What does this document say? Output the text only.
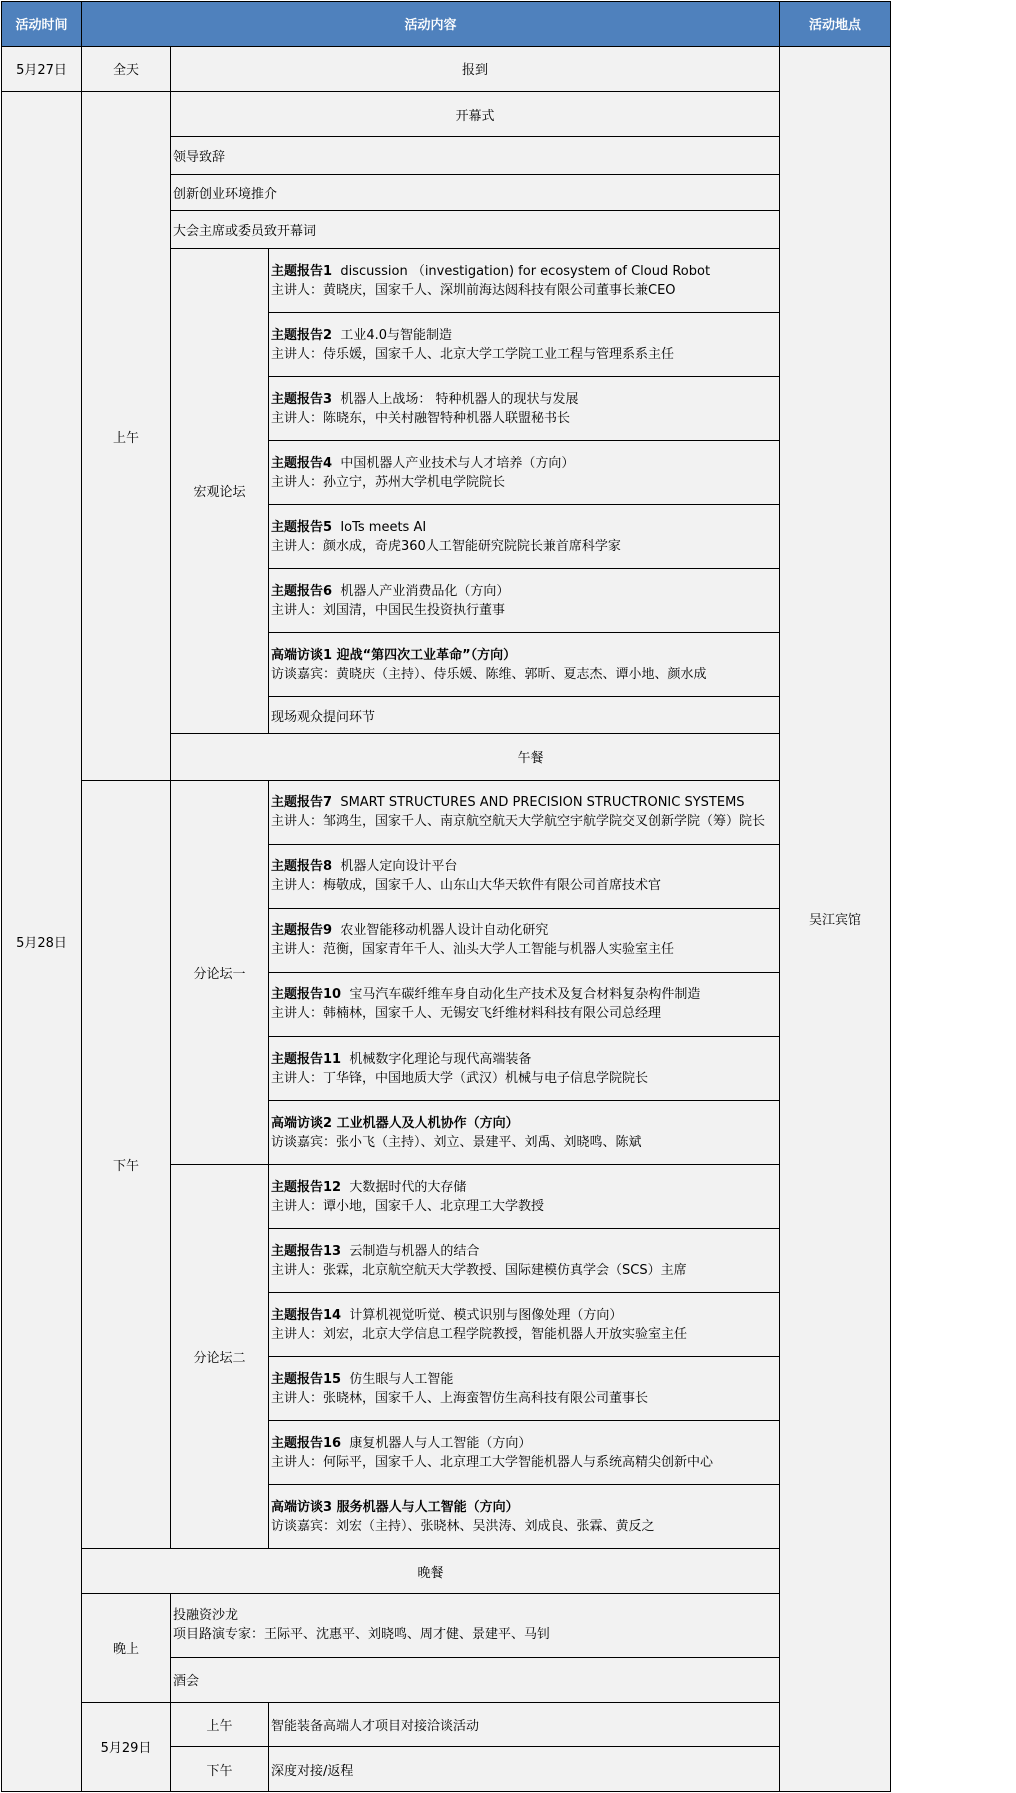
活动时间	活动内容			活动地点
5月27日	全天	报到		吴江宾馆
5月28日	上午	开幕式		
		领导致辞		
		创新创业环境推介		
		大会主席或委员致开幕词		
		宏观论坛	主题报告1 discussion （investigation) for ecosystem of Cloud Robot
主讲人：黄晓庆，国家千人、深圳前海达闼科技有限公司董事长兼CEO	

			主题报告2 工业4.0与智能制造
主讲人：侍乐媛，国家千人、北京大学工学院工业工程与管理系系主任	

			主题报告3 机器人上战场： 特种机器人的现状与发展
主讲人：陈晓东，中关村融智特种机器人联盟秘书长	

			主题报告4 中国机器人产业技术与人才培养（方向）
主讲人：孙立宁，苏州大学机电学院院长	

			主题报告5 IoTs meets AI
主讲人：颜水成，奇虎360人工智能研究院院长兼首席科学家	

			主题报告6 机器人产业消费品化（方向）
主讲人：刘国清，中国民生投资执行董事	

			高端访谈1 迎战“第四次工业革命”（方向）
访谈嘉宾：黄晓庆（主持）、侍乐媛、陈维、郭昕、夏志杰、谭小地、颜水成	

			现场观众提问环节	
		午餐		
	下午	分论坛一	主题报告7 SMART STRUCTURES AND PRECISION STRUCTRONIC SYSTEMS
主讲人：邹鸿生，国家千人、南京航空航天大学航空宇航学院交叉创新学院（筹）院长	

			主题报告8 机器人定向设计平台
主讲人：梅敬成，国家千人、山东山大华天软件有限公司首席技术官	

			主题报告9 农业智能移动机器人设计自动化研究
主讲人：范衡，国家青年千人、汕头大学人工智能与机器人实验室主任	

			主题报告10 宝马汽车碳纤维车身自动化生产技术及复合材料复杂构件制造
主讲人：韩楠林，国家千人、无锡安飞纤维材料科技有限公司总经理	

			主题报告11 机械数字化理论与现代高端装备
主讲人：丁华锋，中国地质大学（武汉）机械与电子信息学院院长	

			高端访谈2 工业机器人及人机协作（方向）
访谈嘉宾：张小飞（主持）、刘立、景建平、刘禹、刘晓鸣、陈斌	

		分论坛二	主题报告12 大数据时代的大存储
主讲人：谭小地，国家千人、北京理工大学教授	

			主题报告13 云制造与机器人的结合
主讲人：张霖，北京航空航天大学教授、国际建模仿真学会（SCS）主席	

			主题报告14 计算机视觉听觉、模式识别与图像处理（方向）
主讲人：刘宏，北京大学信息工程学院教授，智能机器人开放实验室主任	

			主题报告15 仿生眼与人工智能
主讲人：张晓林，国家千人、上海蛮智仿生高科技有限公司董事长	

			主题报告16 康复机器人与人工智能（方向）
主讲人：何际平，国家千人、北京理工大学智能机器人与系统高精尖创新中心	

			高端访谈3 服务机器人与人工智能（方向）
访谈嘉宾：刘宏（主持）、张晓林、吴洪涛、刘成良、张霖、黄反之	

	晚餐			
	晚上	投融资沙龙
项目路演专家：王际平、沈惠平、刘晓鸣、周才健、景建平、马钊		

		酒会		
	5月29日	上午	智能装备高端人才项目对接洽谈活动	
		下午	深度对接/返程	
